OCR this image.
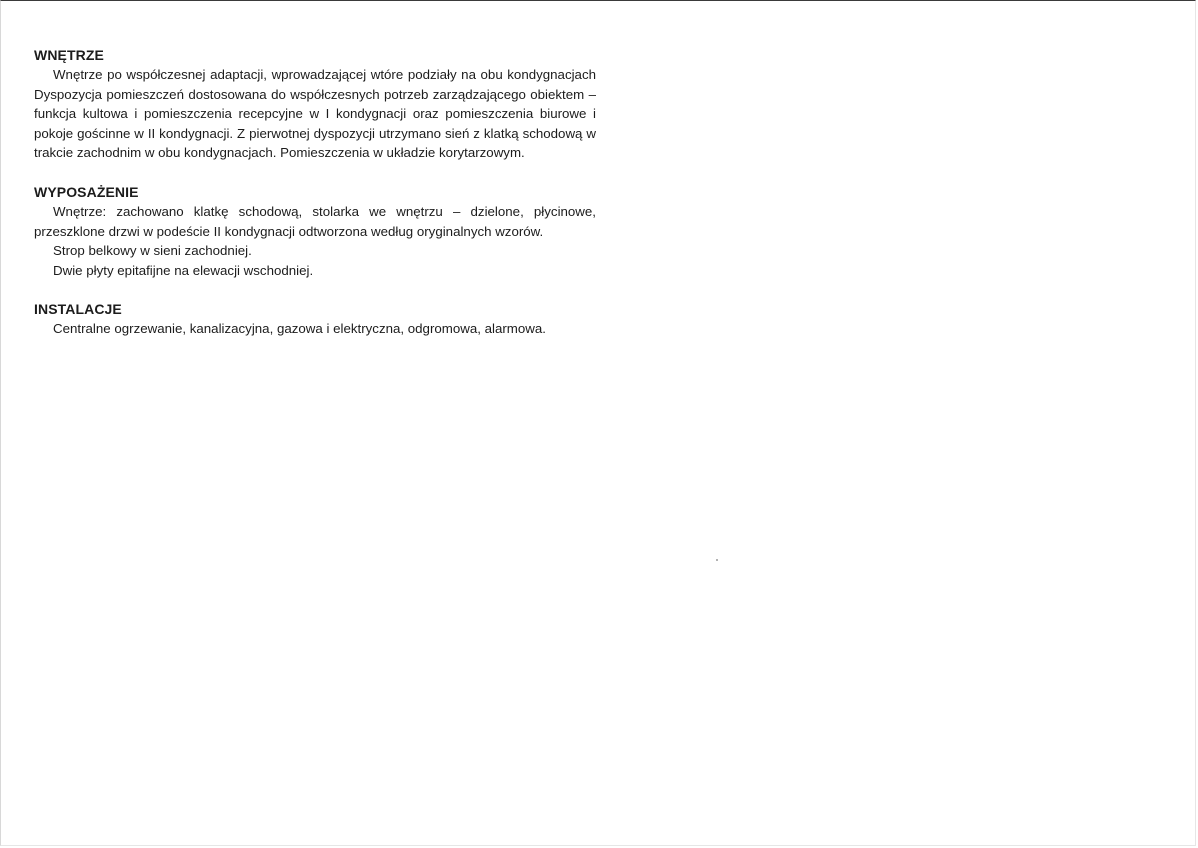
WNĘTRZE

Wnętrze po współczesnej adaptacji, wprowadzającej wtóre podziały na obu kondygnacjach Dyspozycja pomieszczeń dostosowana do współczesnych potrzeb zarządzającego obiektem – funkcja kultowa i pomieszczenia recepcyjne w I kondygnacji oraz pomieszczenia biurowe i pokoje gościnne w II kondygnacji. Z pierwotnej dyspozycji utrzymano sień z klatką schodową w trakcie zachodnim w obu kondygnacjach. Pomieszczenia w układzie korytarzowym.

WYPOSAŻENIE

Wnętrze: zachowano klatkę schodową, stolarka we wnętrzu – dzielone, płycinowe, przeszklone drzwi w podeście II kondygnacji odtworzona według oryginalnych wzorów.

Strop belkowy w sieni zachodniej.

Dwie płyty epitafijne na elewacji wschodniej.

INSTALACJE

Centralne ogrzewanie, kanalizacyjna, gazowa i elektryczna, odgromowa, alarmowa.
